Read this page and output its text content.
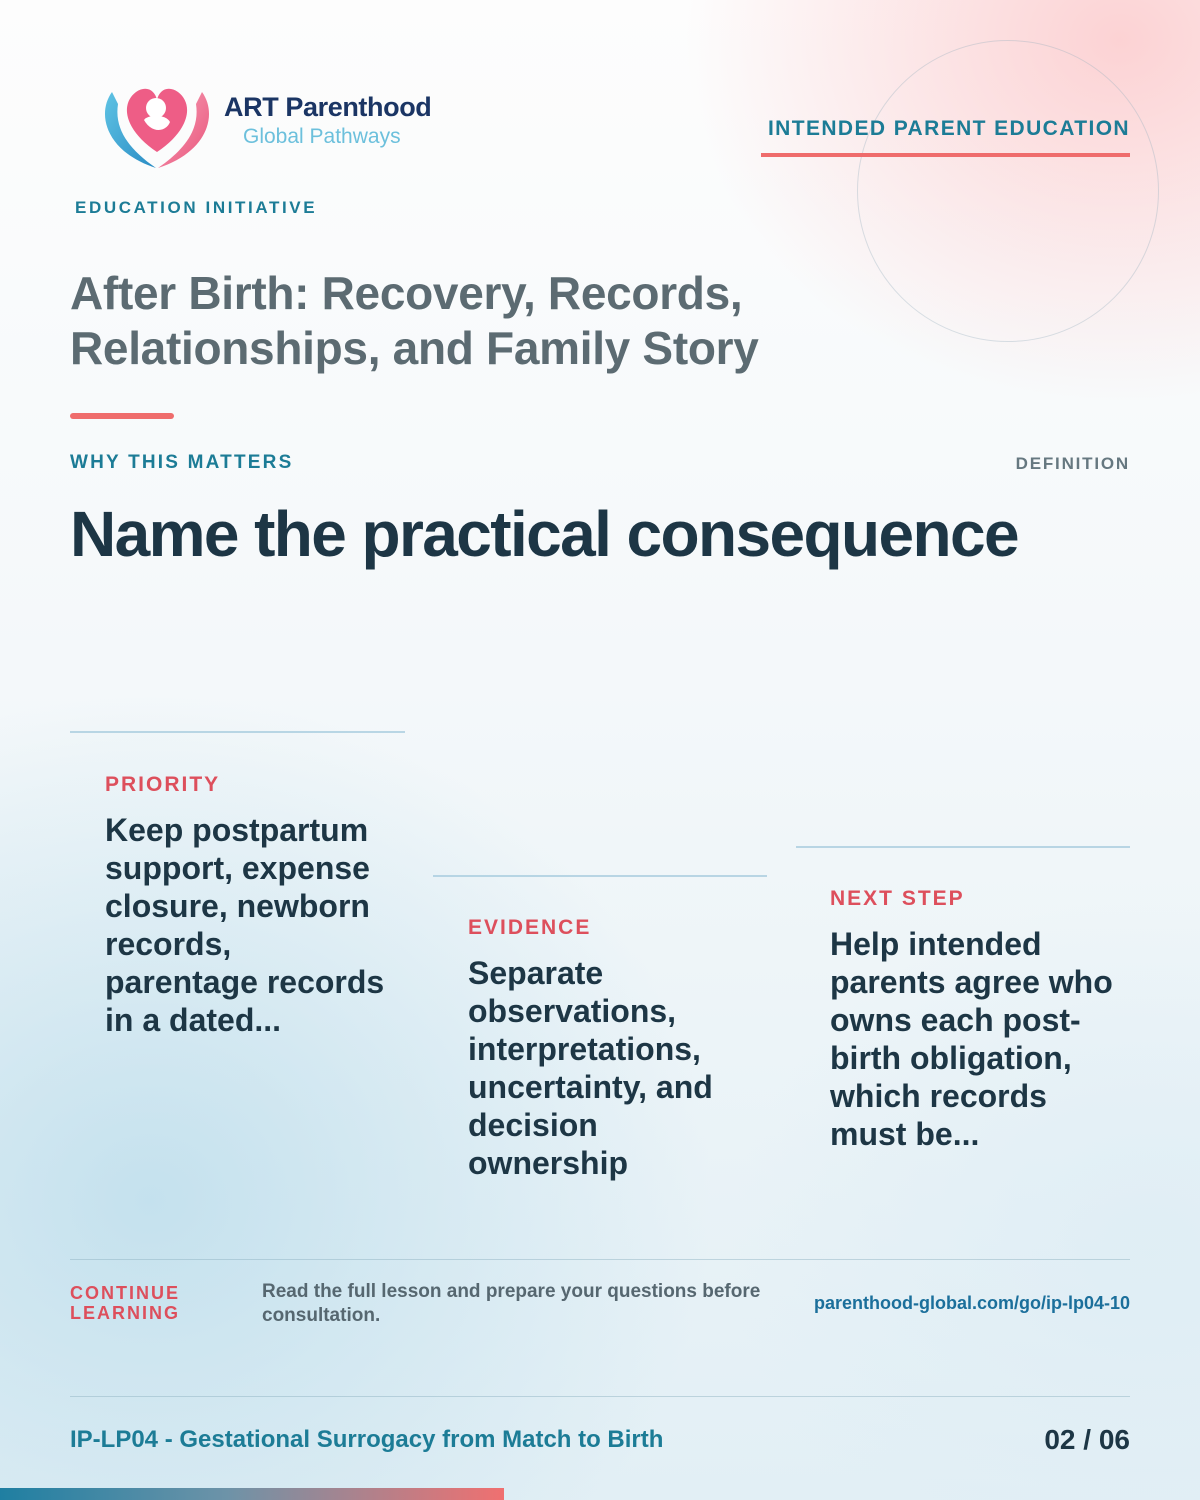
ART Parenthood
Global Pathways
EDUCATION INITIATIVE
INTENDED PARENT EDUCATION
After Birth: Recovery, Records, Relationships, and Family Story
WHY THIS MATTERS	DEFINITION
Name the practical consequence
PRIORITY
Keep postpartum support, expense closure, newborn records, parentage records in a dated...
EVIDENCE
Separate observations, interpretations, uncertainty, and decision ownership
NEXT STEP
Help intended parents agree who owns each post-birth obligation, which records must be...
CONTINUE LEARNING
Read the full lesson and prepare your questions before consultation.
parenthood-global.com/go/ip-lp04-10
IP-LP04 - Gestational Surrogacy from Match to Birth	02 / 06
